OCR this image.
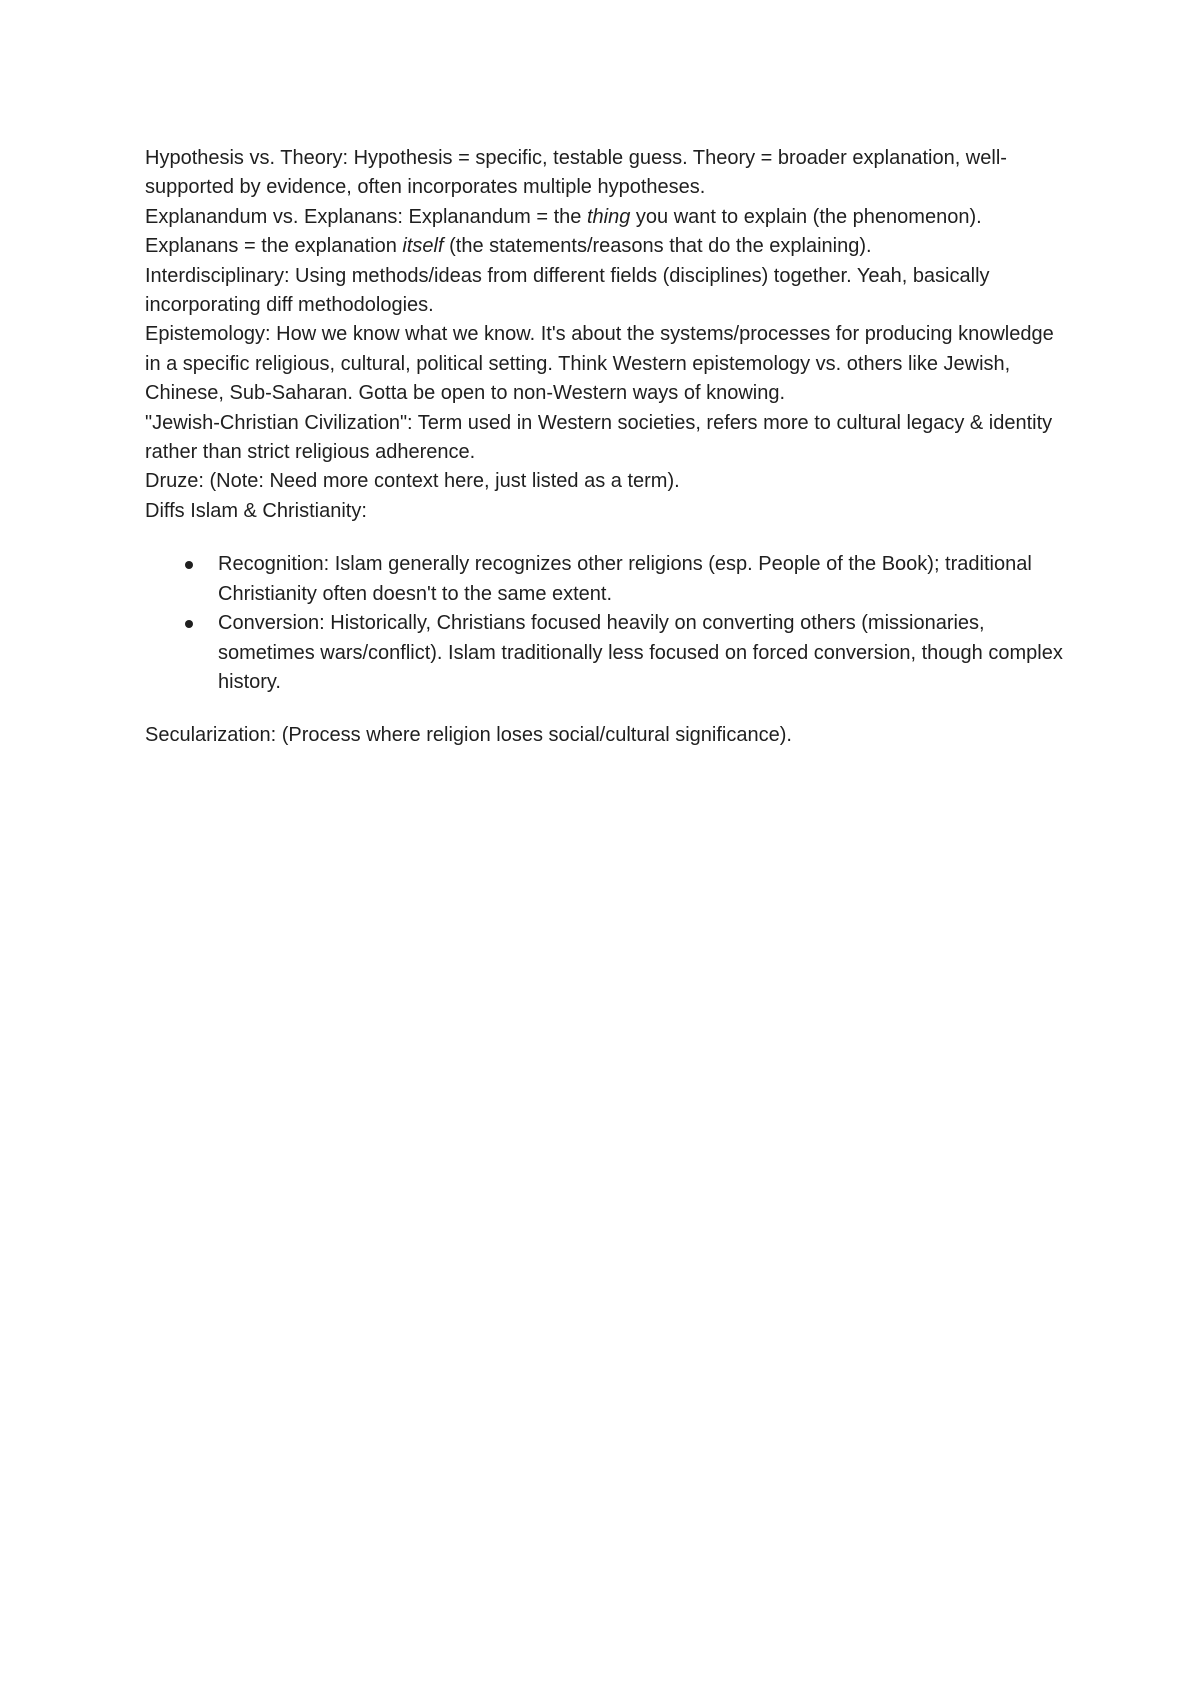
Hypothesis vs. Theory: Hypothesis = specific, testable guess. Theory = broader explanation, well-supported by evidence, often incorporates multiple hypotheses.

Explanandum vs. Explanans: Explanandum = the thing you want to explain (the phenomenon). Explanans = the explanation itself (the statements/reasons that do the explaining).

Interdisciplinary: Using methods/ideas from different fields (disciplines) together. Yeah, basically incorporating diff methodologies.

Epistemology: How we know what we know. It's about the systems/processes for producing knowledge in a specific religious, cultural, political setting. Think Western epistemology vs. others like Jewish, Chinese, Sub-Saharan. Gotta be open to non-Western ways of knowing.

"Jewish-Christian Civilization": Term used in Western societies, refers more to cultural legacy & identity rather than strict religious adherence.

Druze: (Note: Need more context here, just listed as a term).

Diffs Islam & Christianity:

Recognition: Islam generally recognizes other religions (esp. People of the Book); traditional Christianity often doesn't to the same extent.
Conversion: Historically, Christians focused heavily on converting others (missionaries, sometimes wars/conflict). Islam traditionally less focused on forced conversion, though complex history.

Secularization: (Process where religion loses social/cultural significance).
